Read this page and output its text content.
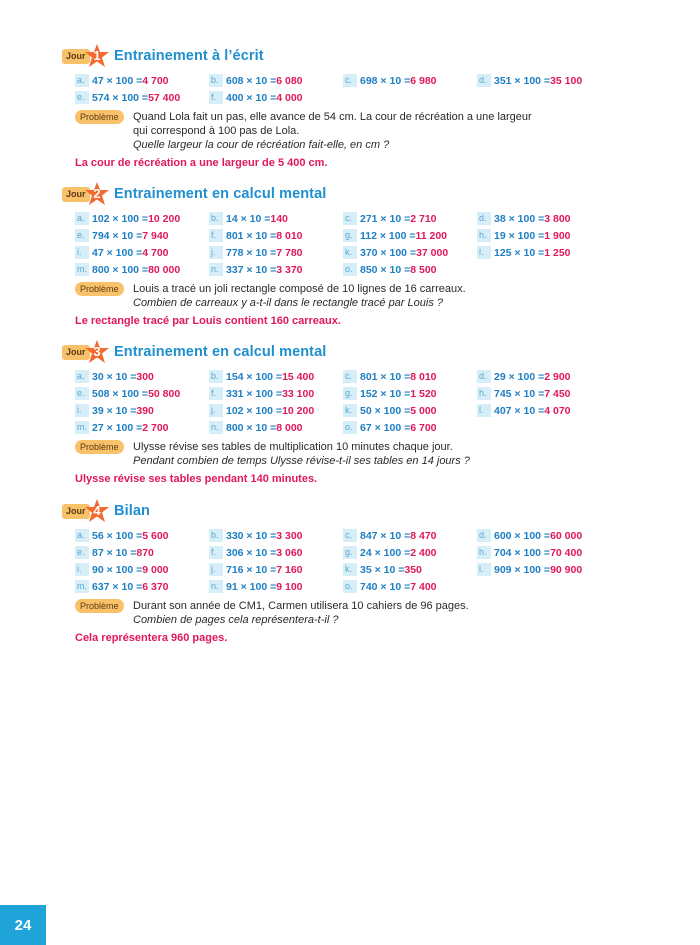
Jour 1 Entrainement à l’écrit
a. 47 × 100 = 4 700	b. 608 × 10 = 6 080	c. 698 × 10 = 6 980	d. 351 × 100 = 35 100
e. 574 × 100 = 57 400	f. 400 × 10 = 4 000
Problème	Quand Lola fait un pas, elle avance de 54 cm. La cour de récréation a une largeur
qui correspond à 100 pas de Lola.
Quelle largeur la cour de récréation fait-elle, en cm ?
La cour de récréation a une largeur de 5 400 cm.
Jour 2 Entrainement en calcul mental
a. 102 × 100 = 10 200	b. 14 × 10 = 140	c. 271 × 10 = 2 710	d. 38 × 100 = 3 800
e. 794 × 10 = 7 940	f. 801 × 10 = 8 010	g. 112 × 100 = 11 200	h. 19 × 100 = 1 900
i.	47 × 100 = 4 700	j.	778 × 10 = 7 780	k. 370 × 100 = 37 000	l.	125 × 10 = 1 250
m. 800 × 100 = 80 000	n. 337 × 10 = 3 370	o. 850 × 10 = 8 500
Problème	Louis a tracé un joli rectangle composé de 10 lignes de 16 carreaux.
Combien de carreaux y a-t-il dans le rectangle tracé par Louis ?
Le rectangle tracé par Louis contient 160 carreaux.
Jour 3 Entrainement en calcul mental
a. 30 × 10 = 300	b. 154 × 100 = 15 400	c. 801 × 10 = 8 010	d. 29 × 100 = 2 900
e. 508 × 100 = 50 800	f. 331 × 100 = 33 100	g. 152 × 10 = 1 520	h. 745 × 10 = 7 450
i.	39 × 10 = 390	j.	102 × 100 = 10 200	k. 50 × 100 = 5 000	l.	407 × 10 = 4 070
m. 27 × 100 = 2 700	n. 800 × 10 = 8 000	o. 67 × 100 = 6 700
Problème	Ulysse révise ses tables de multiplication 10 minutes chaque jour.
Pendant combien de temps Ulysse révise-t-il ses tables en 14 jours ?
Ulysse révise ses tables pendant 140 minutes.
Jour 4 Bilan
a. 56 × 100 = 5 600	b. 330 × 10 = 3 300	c. 847 × 10 = 8 470	d. 600 × 100 = 60 000
e. 87 × 10 = 870	f. 306 × 10 = 3 060	g. 24 × 100 = 2 400	h. 704 × 100 = 70 400
i.	90 × 100 = 9 000	j.	716 × 10 = 7 160	k. 35 × 10 = 350	l.	909 × 100 = 90 900
m. 637 × 10 = 6 370	n. 91 × 100 = 9 100	o. 740 × 10 = 7 400
Problème	Durant son année de CM1, Carmen utilisera 10 cahiers de 96 pages.
Combien de pages cela représentera-t-il ?
Cela représentera 960 pages.
24
